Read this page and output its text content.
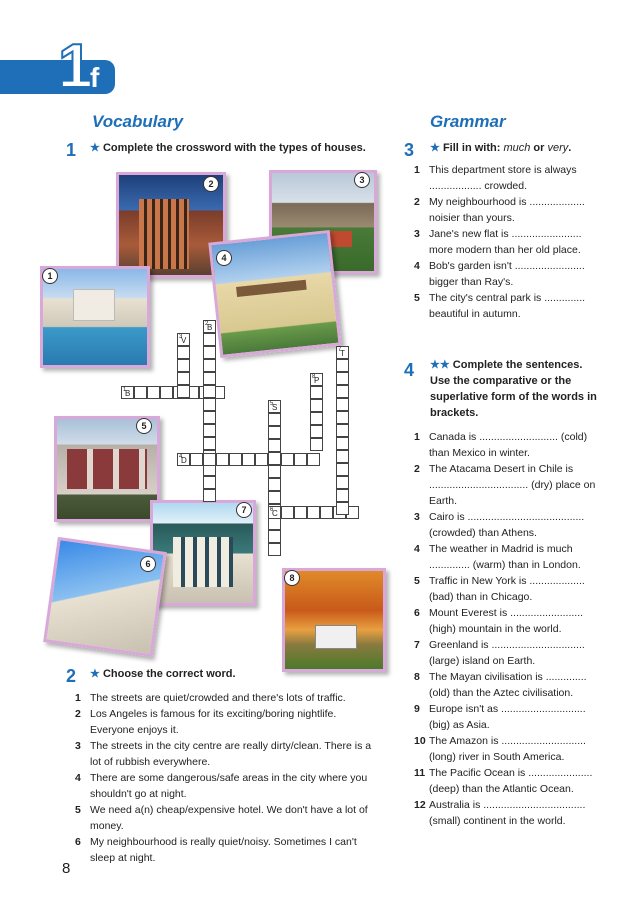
1
f
Vocabulary
1 ★ Complete the crossword with the types of houses.
2	3
1
4
5
7
6
8
1
B
2
B
3
V
4
D
5
S
6
C
7
T
8
P
2 ★ Choose the correct word.
1 The streets are quiet/crowded and there's lots of traffic.
2 Los Angeles is famous for its exciting/boring nightlife. Everyone enjoys it.
3 The streets in the city centre are really dirty/clean. There is a lot of rubbish everywhere.
4 There are some dangerous/safe areas in the city where you shouldn't go at night.
5 We need a(n) cheap/expensive hotel. We don't have a lot of money.
6 My neighbourhood is really quiet/noisy. Sometimes I can't sleep at night.
8
Grammar
3 ★ Fill in with: much or very.
1 This department store is always .................. crowded.
2 My neighbourhood is ................... noisier than yours.
3 Jane's new flat is ........................ more modern than her old place.
4 Bob's garden isn't ........................ bigger than Ray's.
5 The city's central park is .............. beautiful in autumn.
4 ★★ Complete the sentences. Use the comparative or the superlative form of the words in brackets.
1 Canada is ........................... (cold) than Mexico in winter.
2 The Atacama Desert in Chile is .................................. (dry) place on Earth.
3 Cairo is ........................................ (crowded) than Athens.
4 The weather in Madrid is much .............. (warm) than in London.
5 Traffic in New York is ................... (bad) than in Chicago.
6 Mount Everest is ......................... (high) mountain in the world.
7 Greenland is ................................ (large) island on Earth.
8 The Mayan civilisation is .............. (old) than the Aztec civilisation.
9 Europe isn't as ............................. (big) as Asia.
10 The Amazon is ............................. (long) river in South America.
11 The Pacific Ocean is ...................... (deep) than the Atlantic Ocean.
12 Australia is ................................... (small) continent in the world.
